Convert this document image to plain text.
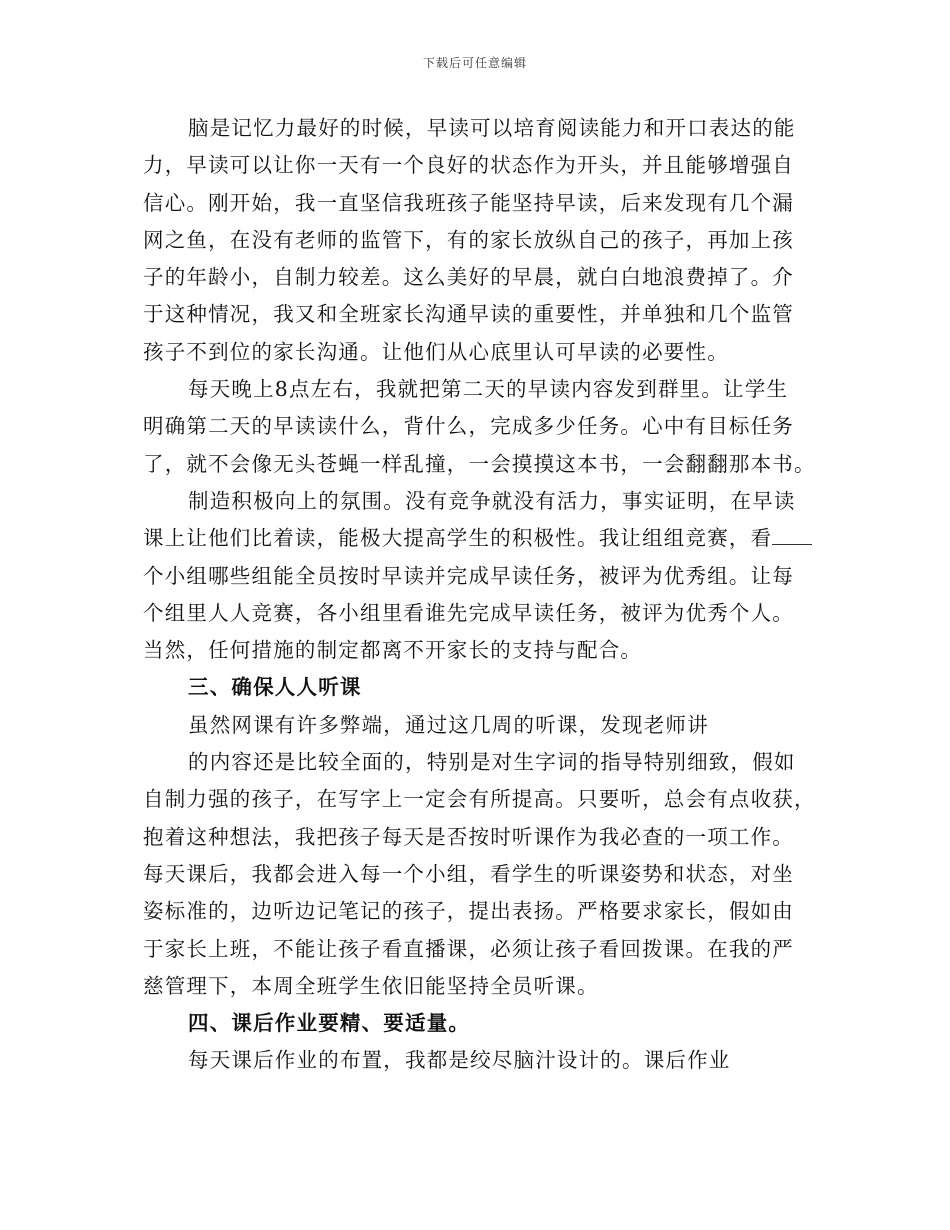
下载后可任意编辑
脑是记忆力最好的时候，早读可以培育阅读能力和开口表达的能
力，早读可以让你一天有一个良好的状态作为开头，并且能够增强自
信心。刚开始，我一直坚信我班孩子能坚持早读，后来发现有几个漏
网之鱼，在没有老师的监管下，有的家长放纵自己的孩子，再加上孩
子的年龄小，自制力较差。这么美好的早晨，就白白地浪费掉了。介
于这种情况，我又和全班家长沟通早读的重要性，并单独和几个监管
孩子不到位的家长沟通。让他们从心底里认可早读的必要性。
每天晚上8点左右，我就把第二天的早读内容发到群里。让学生
明确第二天的早读读什么，背什么，完成多少任务。心中有目标任务
了，就不会像无头苍蝇一样乱撞，一会摸摸这本书，一会翻翻那本书。
制造积极向上的氛围。没有竞争就没有活力，事实证明，在早读
课上让他们比着读，能极大提高学生的积极性。我让组组竞赛，看
个小组哪些组能全员按时早读并完成早读任务，被评为优秀组。让每
个组里人人竞赛，各小组里看谁先完成早读任务，被评为优秀个人。
当然，任何措施的制定都离不开家长的支持与配合。
三、确保人人听课
虽然网课有许多弊端，通过这几周的听课，发现老师讲
的内容还是比较全面的，特别是对生字词的指导特别细致，假如
自制力强的孩子，在写字上一定会有所提高。只要听，总会有点收获，
抱着这种想法，我把孩子每天是否按时听课作为我必查的一项工作。
每天课后，我都会进入每一个小组，看学生的听课姿势和状态，对坐
姿标准的，边听边记笔记的孩子，提出表扬。严格要求家长，假如由
于家长上班，不能让孩子看直播课，必须让孩子看回拨课。在我的严
慈管理下，本周全班学生依旧能坚持全员听课。
四、课后作业要精、要适量。
每天课后作业的布置，我都是绞尽脑汁设计的。课后作业
